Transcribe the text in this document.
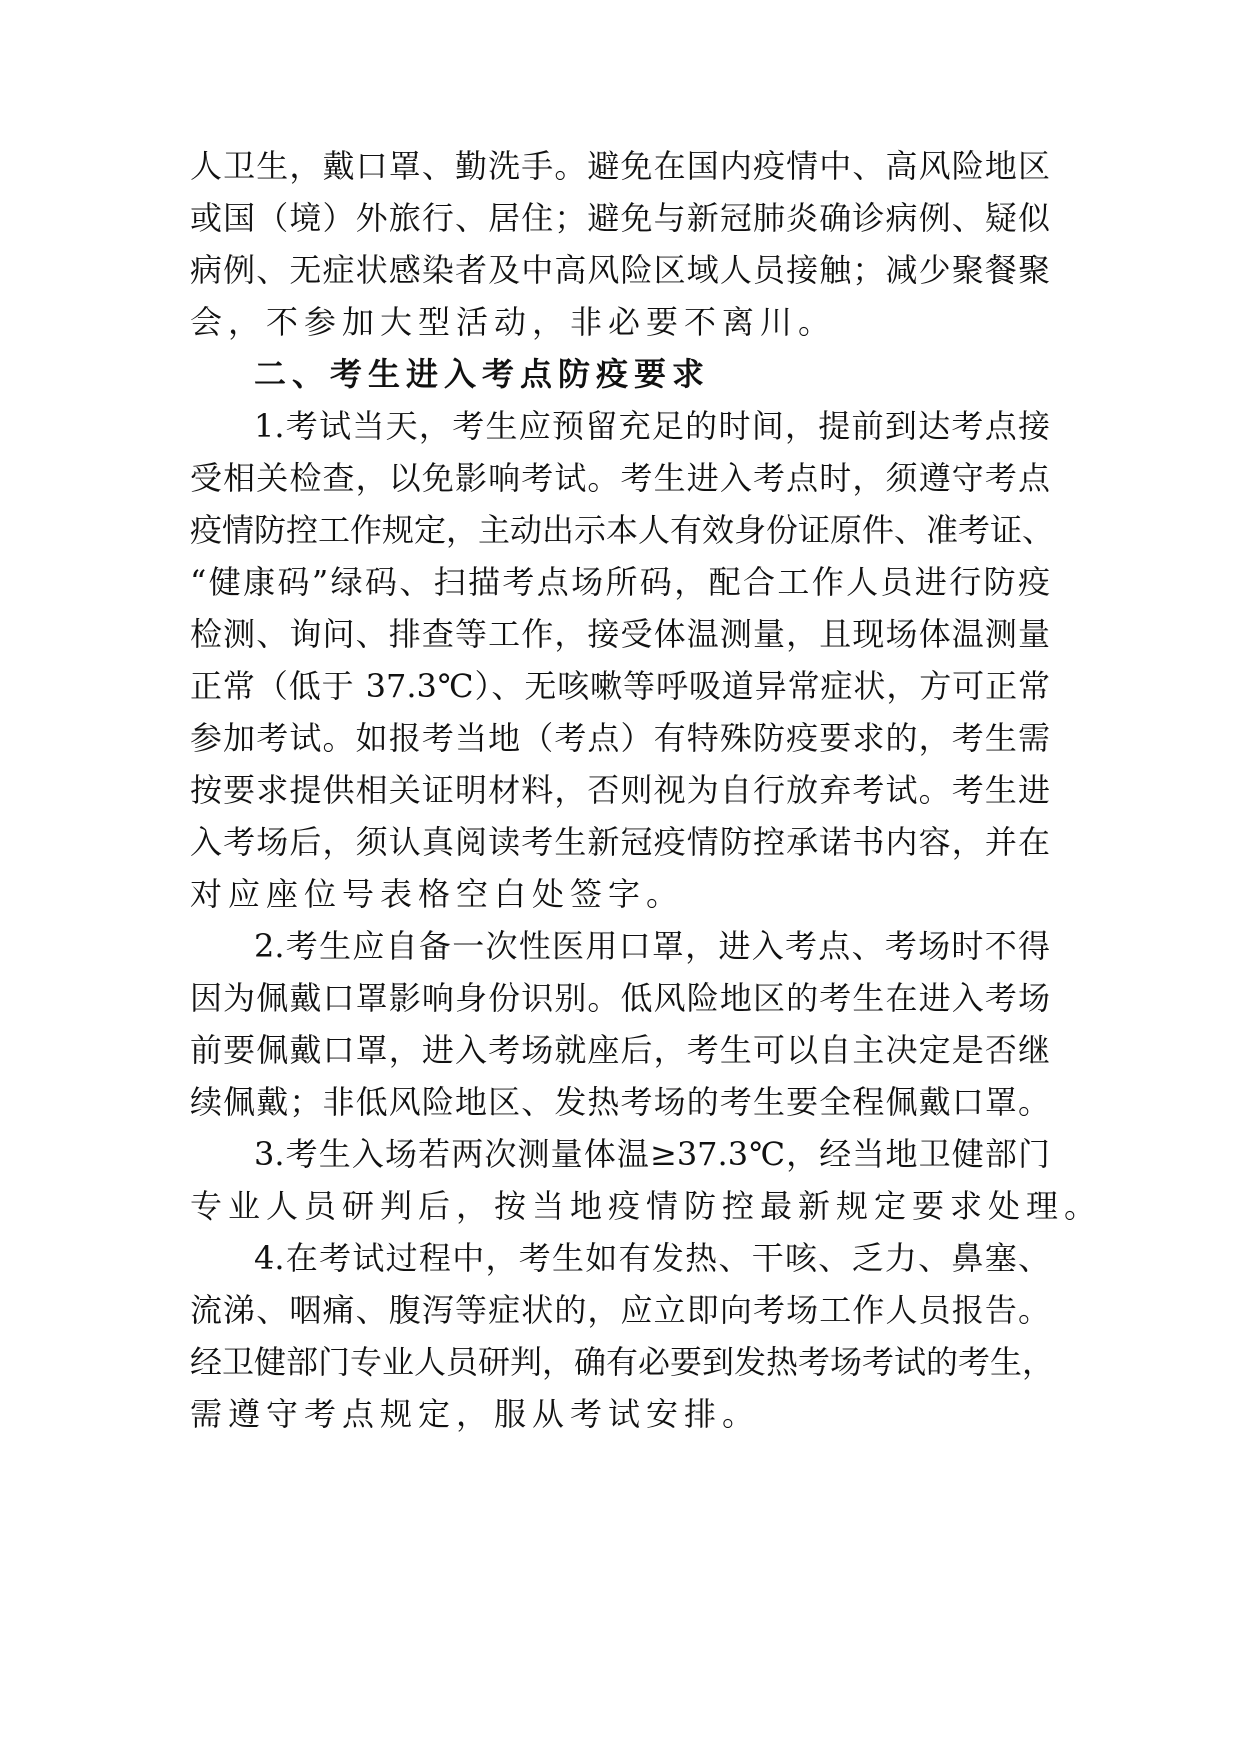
人卫生，戴口罩、勤洗手。避免在国内疫情中、高风险地区
或国（境）外旅行、居住；避免与新冠肺炎确诊病例、疑似
病例、无症状感染者及中高风险区域人员接触；减少聚餐聚
会，不参加大型活动，非必要不离川。
二、考生进入考点防疫要求
1.考试当天，考生应预留充足的时间，提前到达考点接
受相关检查，以免影响考试。考生进入考点时，须遵守考点
疫情防控工作规定，主动出示本人有效身份证原件、准考证、
“健康码”绿码、扫描考点场所码，配合工作人员进行防疫
检测、询问、排查等工作，接受体温测量，且现场体温测量
正常（低于 37.3℃）、无咳嗽等呼吸道异常症状，方可正常
参加考试。如报考当地（考点）有特殊防疫要求的，考生需
按要求提供相关证明材料，否则视为自行放弃考试。考生进
入考场后，须认真阅读考生新冠疫情防控承诺书内容，并在
对应座位号表格空白处签字。
2.考生应自备一次性医用口罩，进入考点、考场时不得
因为佩戴口罩影响身份识别。低风险地区的考生在进入考场
前要佩戴口罩，进入考场就座后，考生可以自主决定是否继
续佩戴；非低风险地区、发热考场的考生要全程佩戴口罩。
3.考生入场若两次测量体温≥37.3℃，经当地卫健部门
专业人员研判后，按当地疫情防控最新规定要求处理。
4.在考试过程中，考生如有发热、干咳、乏力、鼻塞、
流涕、咽痛、腹泻等症状的，应立即向考场工作人员报告。
经卫健部门专业人员研判，确有必要到发热考场考试的考生，
需遵守考点规定，服从考试安排。
